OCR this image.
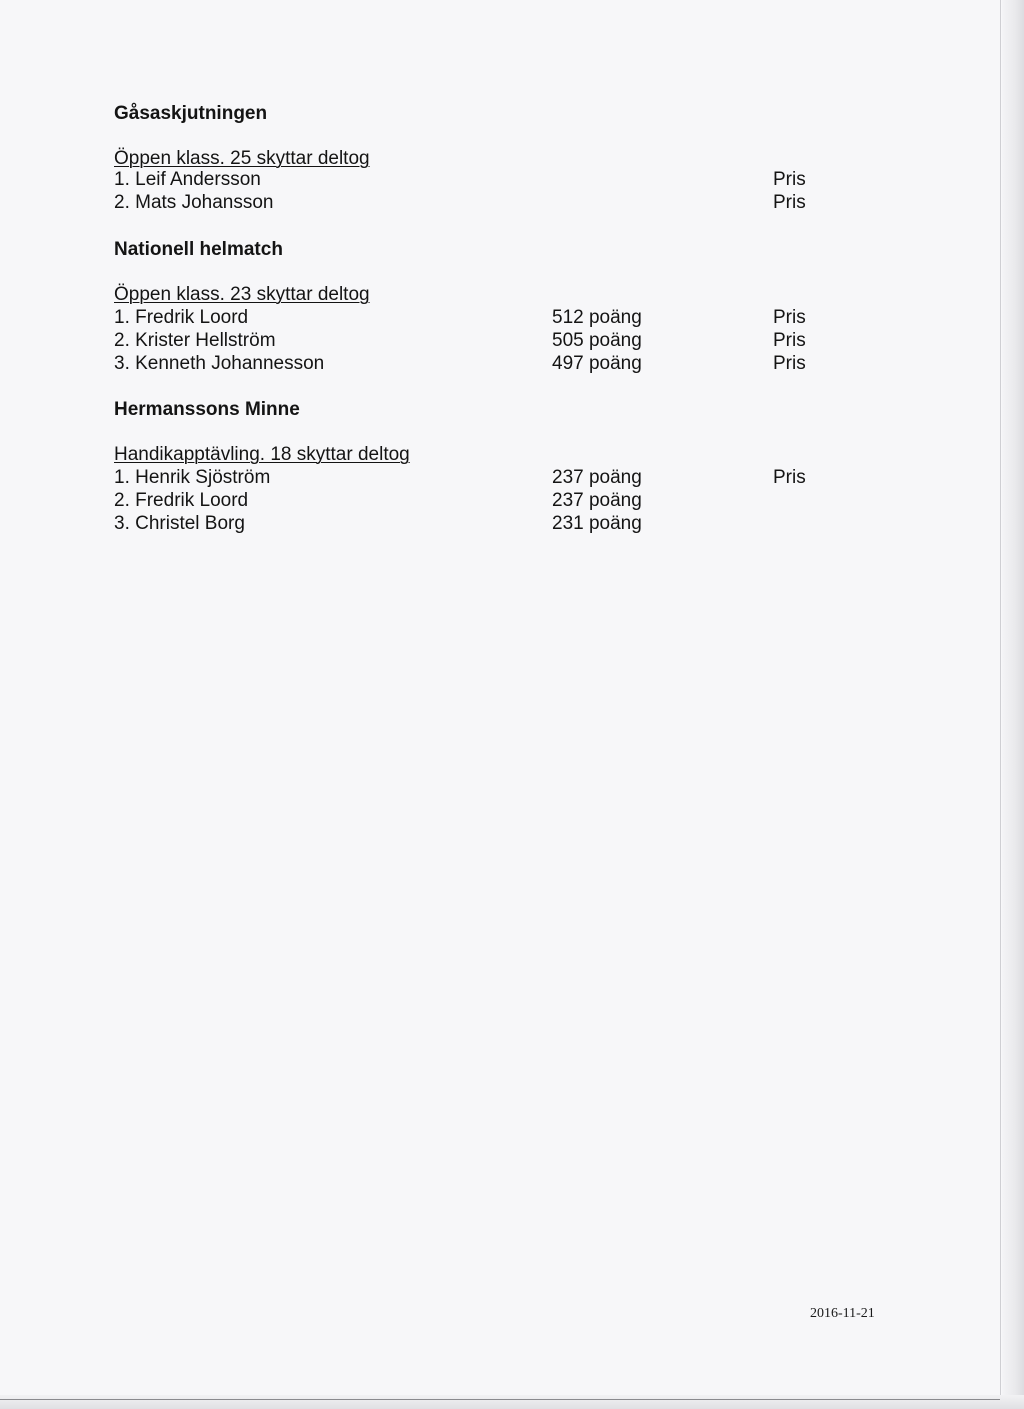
Gåsaskjutningen
Öppen klass. 25 skyttar deltog
1. Leif Andersson	Pris
2. Mats Johansson	Pris
Nationell helmatch
Öppen klass. 23 skyttar deltog
1. Fredrik Loord	512 poäng	Pris
2. Krister Hellström	505 poäng	Pris
3. Kenneth Johannesson	497 poäng	Pris
Hermanssons Minne
Handikapptävling. 18 skyttar deltog
1. Henrik Sjöström	237 poäng	Pris
2. Fredrik Loord	237 poäng
3. Christel Borg	231 poäng
2016-11-21
